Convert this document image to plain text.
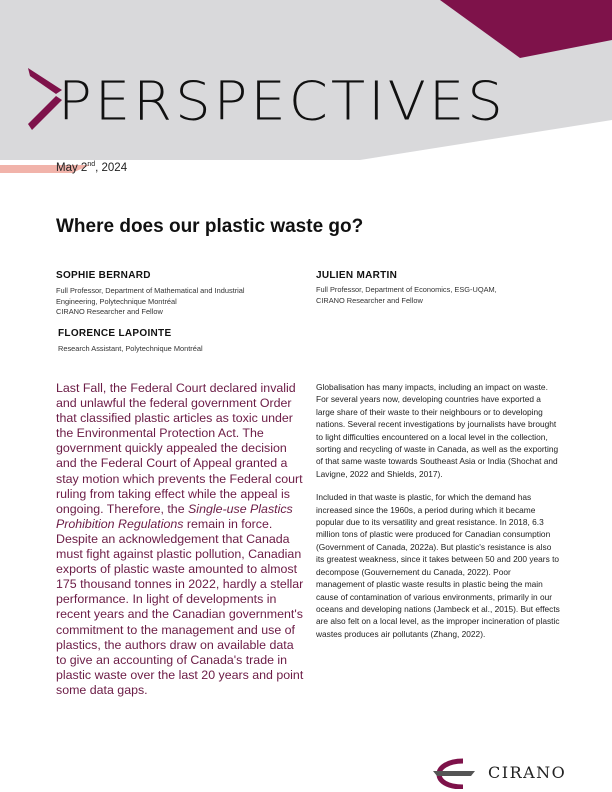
PERSPECTIVES
May 2nd, 2024
Where does our plastic waste go?
SOPHIE BERNARD
Full Professor, Department of Mathematical and Industrial
Engineering, Polytechnique Montréal
CIRANO Researcher and Fellow
JULIEN MARTIN
Full Professor, Department of Economics, ESG-UQAM,
CIRANO Researcher and Fellow
FLORENCE LAPOINTE
Research Assistant, Polytechnique Montréal
Last Fall, the Federal Court declared invalid and unlawful the federal government Order that classified plastic articles as toxic under the Environmental Protection Act. The government quickly appealed the decision and the Federal Court of Appeal granted a stay motion which prevents the Federal court ruling from taking effect while the appeal is ongoing. Therefore, the Single-use Plastics Prohibition Regulations remain in force. Despite an acknowledgement that Canada must fight against plastic pollution, Canadian exports of plastic waste amounted to almost 175 thousand tonnes in 2022, hardly a stellar performance. In light of developments in recent years and the Canadian government's commitment to the management and use of plastics, the authors draw on available data to give an accounting of Canada's trade in plastic waste over the last 20 years and point some data gaps.

Globalisation has many impacts, including an impact on waste. For several years now, developing countries have exported a large share of their waste to their neighbours or to developing nations. Several recent investigations by journalists have brought to light difficulties encountered on a local level in the collection, sorting and recycling of waste in Canada, as well as the exporting of that same waste towards Southeast Asia or India (Shochat and Lavigne, 2022 and Shields, 2017).

Included in that waste is plastic, for which the demand has increased since the 1960s, a period during which it became popular due to its versatility and great resistance. In 2018, 6.3 million tons of plastic were produced for Canadian consumption (Government of Canada, 2022a). But plastic's resistance is also its greatest weakness, since it takes between 50 and 200 years to decompose (Gouvernement du Canada, 2022). Poor management of plastic waste results in plastic being the main cause of contamination of various environments, primarily in our oceans and developing nations (Jambeck et al., 2015). But effects are also felt on a local level, as the improper incineration of plastic wastes produces air pollutants (Zhang, 2022).

CIRANO
